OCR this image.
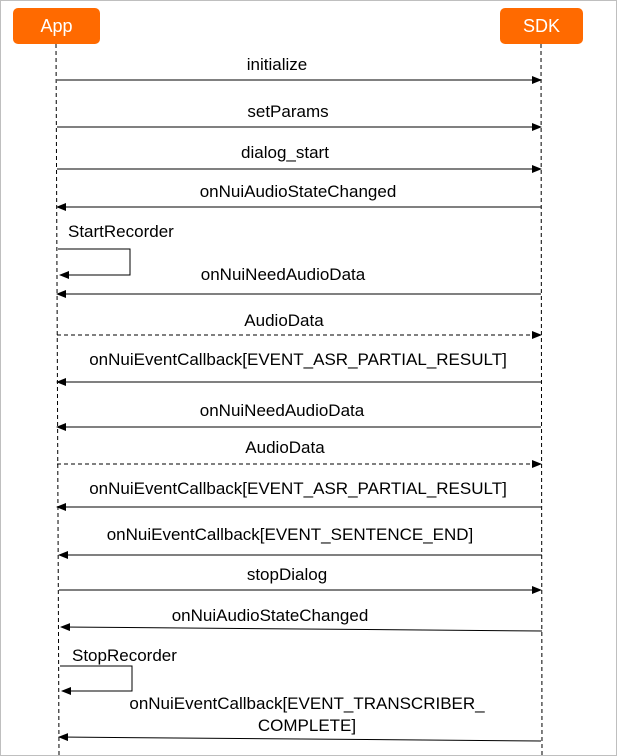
App	SDK
initialize
setParams
dialog_start
onNuiAudioStateChanged
StartRecorder
onNuiNeedAudioData
AudioData
onNuiEventCallback[EVENT_ASR_PARTIAL_RESULT]
onNuiNeedAudioData
AudioData
onNuiEventCallback[EVENT_ASR_PARTIAL_RESULT]
onNuiEventCallback[EVENT_SENTENCE_END]
stopDialog
onNuiAudioStateChanged
StopRecorder
onNuiEventCallback[EVENT_TRANSCRIBER_
COMPLETE]
